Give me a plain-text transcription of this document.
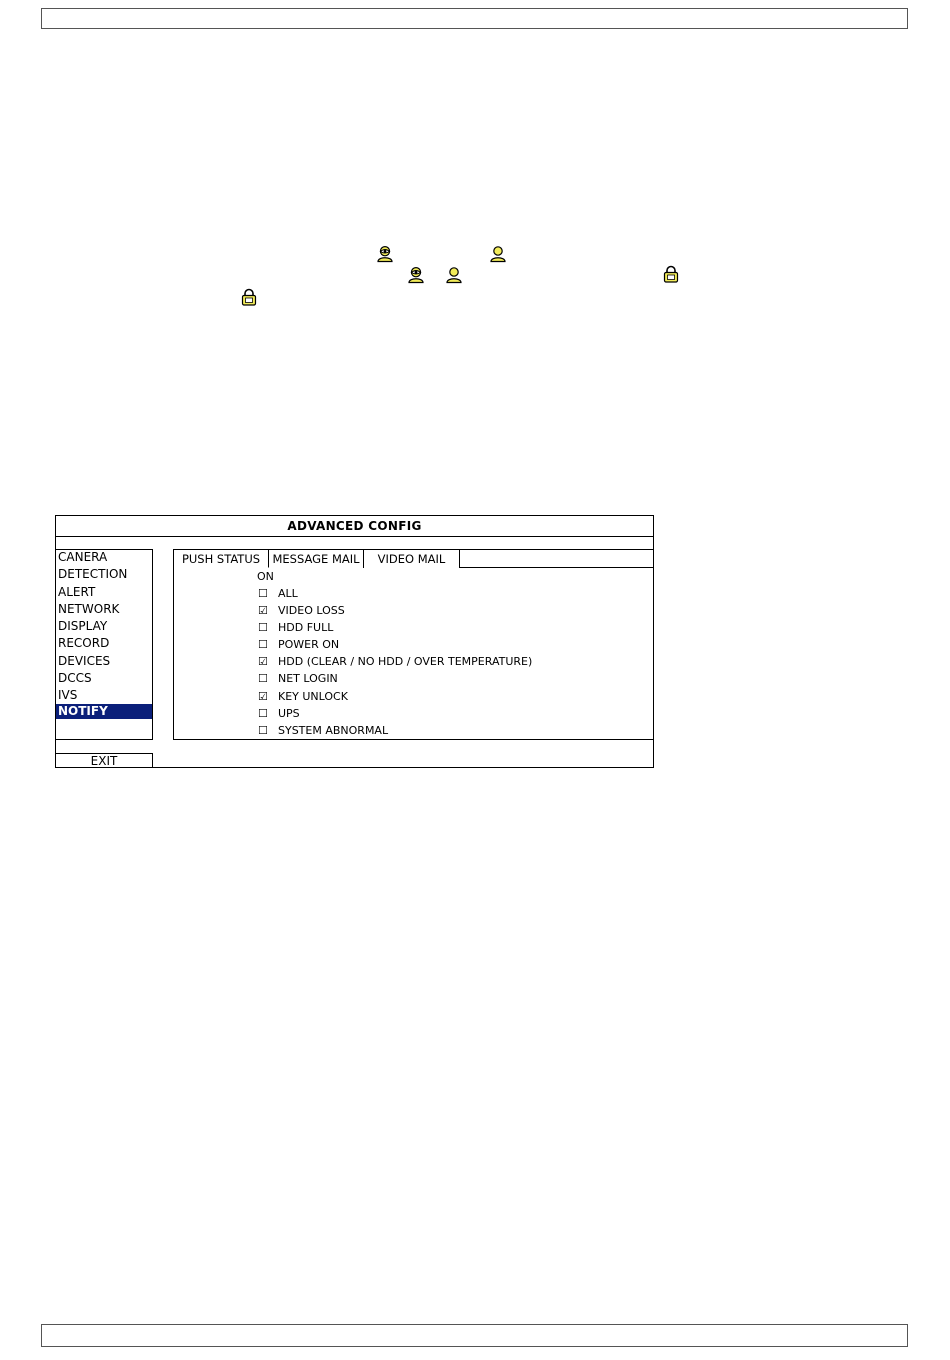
ADVANCED CONFIG
CANERA
DETECTION
ALERT
NETWORK
DISPLAY
RECORD
DEVICES
DCCS
IVS
NOTIFY
EXIT
PUSH STATUS	MESSAGE MAIL	VIDEO MAIL
ON
☐ ALL
☑ VIDEO LOSS
☐ HDD FULL
☐ POWER ON
☑ HDD (CLEAR / NO HDD / OVER TEMPERATURE)
☐ NET LOGIN
☑ KEY UNLOCK
☐ UPS
☐ SYSTEM ABNORMAL
